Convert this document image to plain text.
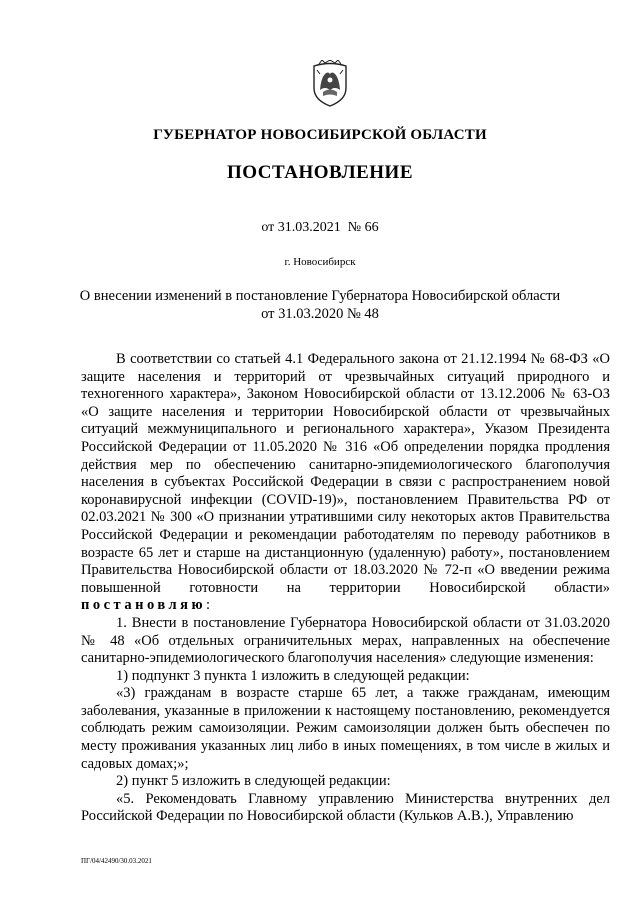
ГУБЕРНАТОР НОВОСИБИРСКОЙ ОБЛАСТИ
ПОСТАНОВЛЕНИЕ
от 31.03.2021  № 66
г. Новосибирск
О внесении изменений в постановление Губернатора Новосибирской области
от 31.03.2020 № 48

В соответствии со статьей 4.1 Федерального закона от 21.12.1994 № 68-ФЗ «О защите населения и территорий от чрезвычайных ситуаций природного и техногенного характера», Законом Новосибирской области от 13.12.2006 № 63-ОЗ «О защите населения и территории Новосибирской области от чрезвычайных ситуаций межмуниципального и регионального характера», Указом Президента Российской Федерации от 11.05.2020 № 316 «Об определении порядка продления действия мер по обеспечению санитарно-эпидемиологического благополучия населения в субъектах Российской Федерации в связи с распространением новой коронавирусной инфекции (COVID-19)», постановлением Правительства РФ от 02.03.2021 № 300 «О признании утратившими силу некоторых актов Правительства Российской Федерации и рекомендации работодателям по переводу работников в возрасте 65 лет и старше на дистанционную (удаленную) работу», постановлением Правительства Новосибирской области от 18.03.2020 № 72-п «О введении режима повышенной готовности на территории Новосибирской области» постановляю:

1. Внести в постановление Губернатора Новосибирской области от 31.03.2020 № 48 «Об отдельных ограничительных мерах, направленных на обеспечение санитарно-эпидемиологического благополучия населения» следующие изменения:

1) подпункт 3 пункта 1 изложить в следующей редакции:

«3) гражданам в возрасте старше 65 лет, а также гражданам, имеющим заболевания, указанные в приложении к настоящему постановлению, рекомендуется соблюдать режим самоизоляции. Режим самоизоляции должен быть обеспечен по месту проживания указанных лиц либо в иных помещениях, в том числе в жилых и садовых домах;»;

2) пункт 5 изложить в следующей редакции:

«5. Рекомендовать Главному управлению Министерства внутренних дел Российской Федерации по Новосибирской области (Кульков А.В.), Управлению

ПГ/04/42490/30.03.2021
